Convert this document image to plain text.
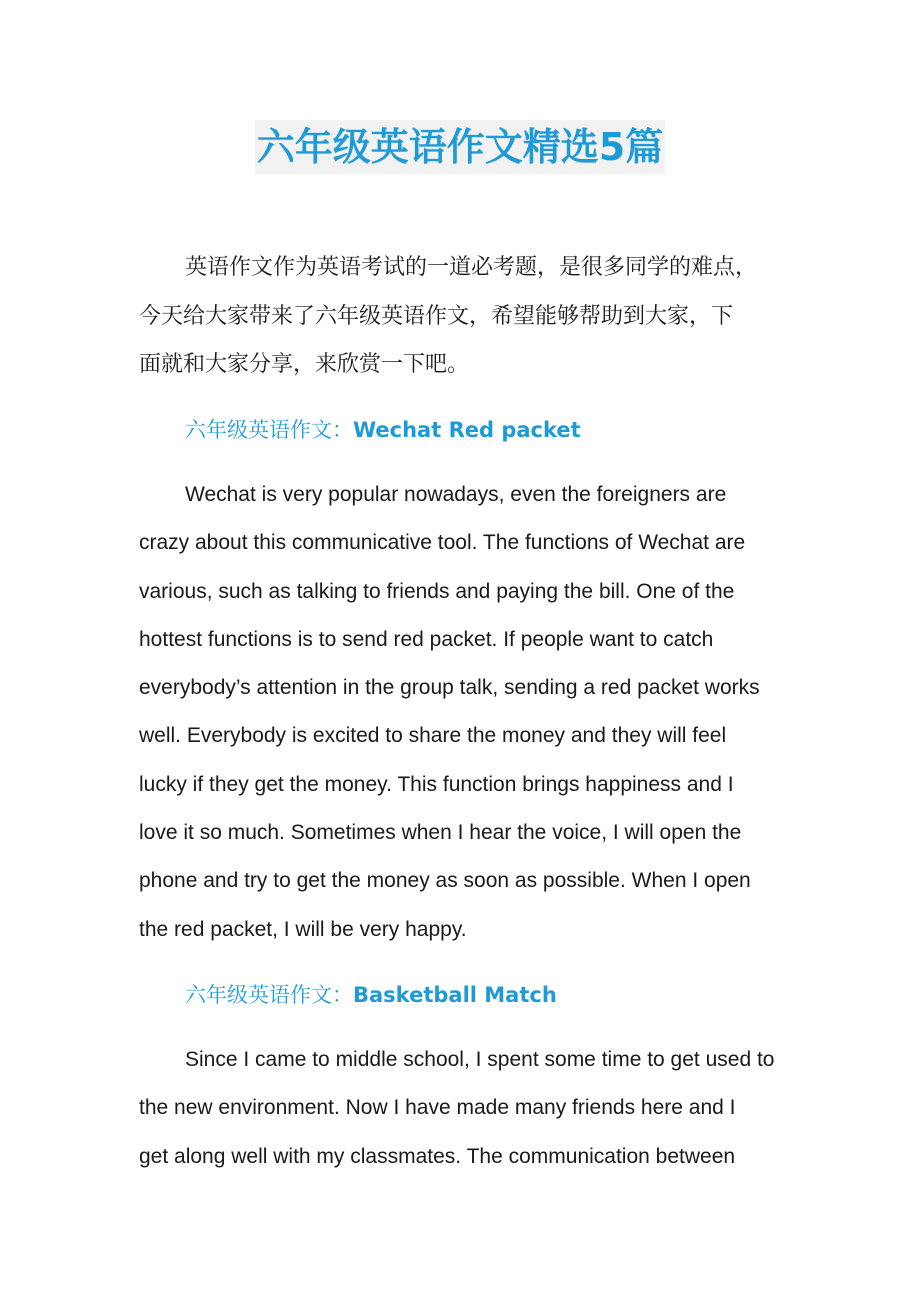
六年级英语作文精选5篇
英语作文作为英语考试的一道必考题，是很多同学的难点，
今天给大家带来了六年级英语作文，希望能够帮助到大家，下
面就和大家分享，来欣赏一下吧。
六年级英语作文：Wechat Red packet
Wechat is very popular nowadays, even the foreigners are
crazy about this communicative tool. The functions of Wechat are
various, such as talking to friends and paying the bill. One of the
hottest functions is to send red packet. If people want to catch
everybody’s attention in the group talk, sending a red packet works
well. Everybody is excited to share the money and they will feel
lucky if they get the money. This function brings happiness and I
love it so much. Sometimes when I hear the voice, I will open the
phone and try to get the money as soon as possible. When I open
the red packet, I will be very happy.
六年级英语作文：Basketball Match
Since I came to middle school, I spent some time to get used to
the new environment. Now I have made many friends here and I
get along well with my classmates. The communication between
